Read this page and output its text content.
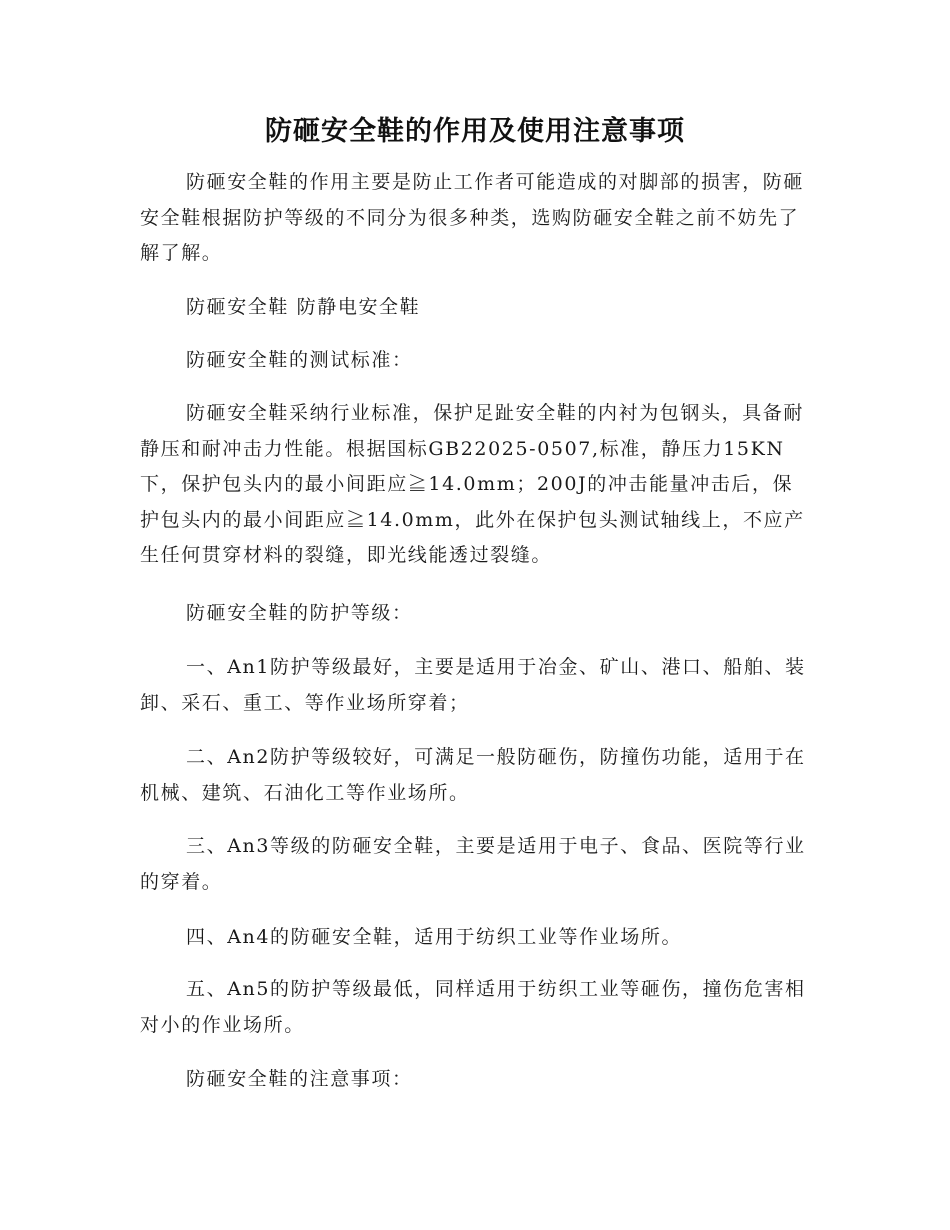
防砸安全鞋的作用及使用注意事项

防砸安全鞋的作用主要是防止工作者可能造成的对脚部的损害，防砸安全鞋根据防护等级的不同分为很多种类，选购防砸安全鞋之前不妨先了解了解。

防砸安全鞋 防静电安全鞋

防砸安全鞋的测试标准：

防砸安全鞋采纳行业标准，保护足趾安全鞋的内衬为包钢头，具备耐静压和耐冲击力性能。根据国标GB22025-0507,标准，静压力15KN下，保护包头内的最小间距应≧14.0mm；200J的冲击能量冲击后，保护包头内的最小间距应≧14.0mm，此外在保护包头测试轴线上，不应产生任何贯穿材料的裂缝，即光线能透过裂缝。

防砸安全鞋的防护等级：

一、An1防护等级最好，主要是适用于冶金、矿山、港口、船舶、装卸、采石、重工、等作业场所穿着；

二、An2防护等级较好，可满足一般防砸伤，防撞伤功能，适用于在机械、建筑、石油化工等作业场所。

三、An3等级的防砸安全鞋，主要是适用于电子、食品、医院等行业的穿着。

四、An4的防砸安全鞋，适用于纺织工业等作业场所。

五、An5的防护等级最低，同样适用于纺织工业等砸伤，撞伤危害相对小的作业场所。

防砸安全鞋的注意事项：
